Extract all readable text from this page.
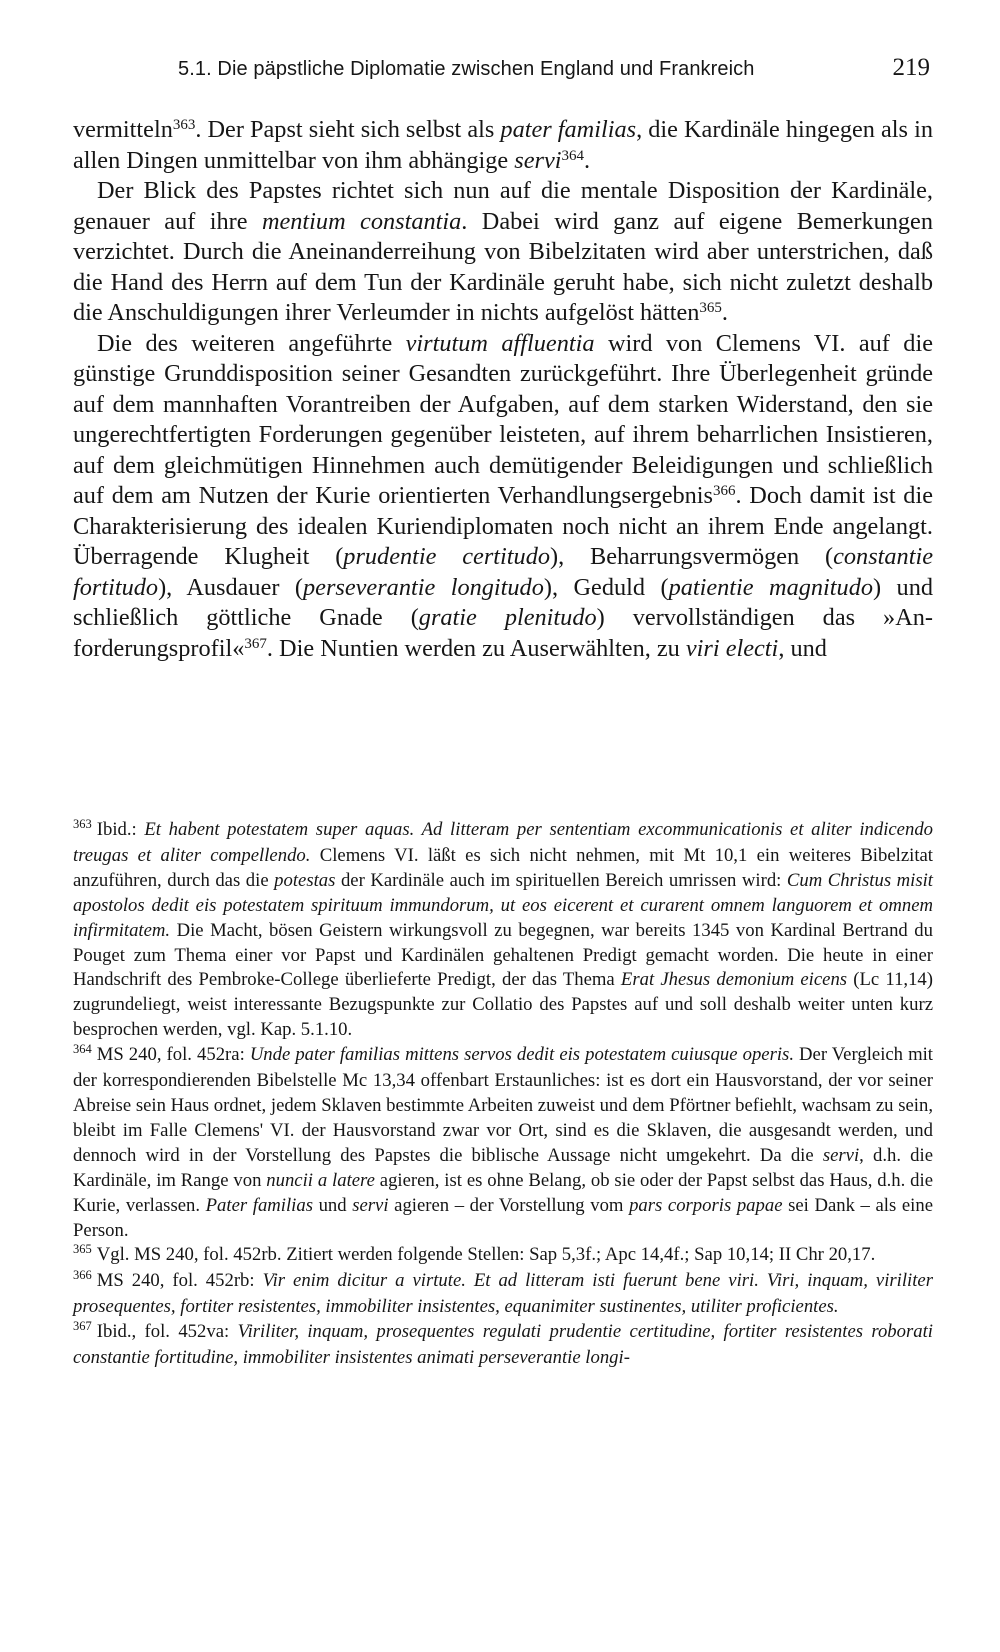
5.1. Die päpstliche Diplomatie zwischen England und Frankreich	219

vermitteln$^{363}$. Der Papst sieht sich selbst als pater familias, die Kardinäle hingegen als in allen Dingen unmittelbar von ihm abhängige servi$^{364}$.

Der Blick des Papstes richtet sich nun auf die mentale Disposition der Kardinäle, genauer auf ihre mentium constantia. Dabei wird ganz auf eigene Bemerkungen verzichtet. Durch die Aneinanderreihung von Bibelzitaten wird aber unterstrichen, daß die Hand des Herrn auf dem Tun der Kardinäle geruht habe, sich nicht zuletzt deshalb die Anschuldigungen ihrer Verleumder in nichts aufgelöst hätten$^{365}$.

Die des weiteren angeführte virtutum affluentia wird von Clemens VI. auf die günstige Grunddisposition seiner Gesandten zurückgeführt. Ihre Überlegenheit gründe auf dem mannhaften Vorantreiben der Aufgaben, auf dem starken Widerstand, den sie ungerechtfertigten Forderungen gegenüber leisteten, auf ihrem beharrlichen Insistieren, auf dem gleichmütigen Hinnehmen auch demütigender Beleidigungen und schließlich auf dem am Nutzen der Kurie orientierten Verhandlungsergebnis$^{366}$. Doch damit ist die Charakterisierung des idealen Kuriendiplomaten noch nicht an ihrem Ende angelangt. Überragende Klugheit (prudentie certitudo), Beharrungsvermögen (constantie fortitudo), Ausdauer (perseverantie longitudo), Geduld (patientie magnitudo) und schließlich göttliche Gnade (gratie plenitudo) vervollständigen das »Anforderungsprofil«$^{367}$. Die Nuntien werden zu Auserwählten, zu viri electi, und

$^{363}$ Ibid.: Et habent potestatem super aquas. Ad litteram per sententiam excommunicationis et aliter indicendo treugas et aliter compellendo. Clemens VI. läßt es sich nicht nehmen, mit Mt 10,1 ein weiteres Bibelzitat anzuführen, durch das die potestas der Kardinäle auch im spirituellen Bereich umrissen wird: Cum Christus misit apostolos dedit eis potestatem spirituum immundorum, ut eos eicerent et curarent omnem languorem et omnem infirmitatem. Die Macht, bösen Geistern wirkungsvoll zu begegnen, war bereits 1345 von Kardinal Bertrand du Pouget zum Thema einer vor Papst und Kardinälen gehaltenen Predigt gemacht worden. Die heute in einer Handschrift des Pembroke-College überlieferte Predigt, der das Thema Erat Jhesus demonium eicens (Lc 11,14) zugrundeliegt, weist interessante Bezugspunkte zur Collatio des Papstes auf und soll deshalb weiter unten kurz besprochen werden, vgl. Kap. 5.1.10.

$^{364}$ MS 240, fol. 452ra: Unde pater familias mittens servos dedit eis potestatem cuiusque operis. Der Vergleich mit der korrespondierenden Bibelstelle Mc 13,34 offenbart Erstaunliches: ist es dort ein Hausvorstand, der vor seiner Abreise sein Haus ordnet, jedem Sklaven bestimmte Arbeiten zuweist und dem Pförtner befiehlt, wachsam zu sein, bleibt im Falle Clemens' VI. der Hausvorstand zwar vor Ort, sind es die Sklaven, die ausgesandt werden, und dennoch wird in der Vorstellung des Papstes die biblische Aussage nicht umgekehrt. Da die servi, d.h. die Kardinäle, im Range von nuncii a latere agieren, ist es ohne Belang, ob sie oder der Papst selbst das Haus, d.h. die Kurie, verlassen. Pater familias und servi agieren – der Vorstellung vom pars corporis papae sei Dank – als eine Person.

$^{365}$ Vgl. MS 240, fol. 452rb. Zitiert werden folgende Stellen: Sap 5,3f.; Apc 14,4f.; Sap 10,14; II Chr 20,17.

$^{366}$ MS 240, fol. 452rb: Vir enim dicitur a virtute. Et ad litteram isti fuerunt bene viri. Viri, inquam, viriliter prosequentes, fortiter resistentes, immobiliter insistentes, equanimiter sustinentes, utiliter proficientes.

$^{367}$ Ibid., fol. 452va: Viriliter, inquam, prosequentes regulati prudentie certitudine, fortiter resistentes roborati constantie fortitudine, immobiliter insistentes animati perseverantie longi-
